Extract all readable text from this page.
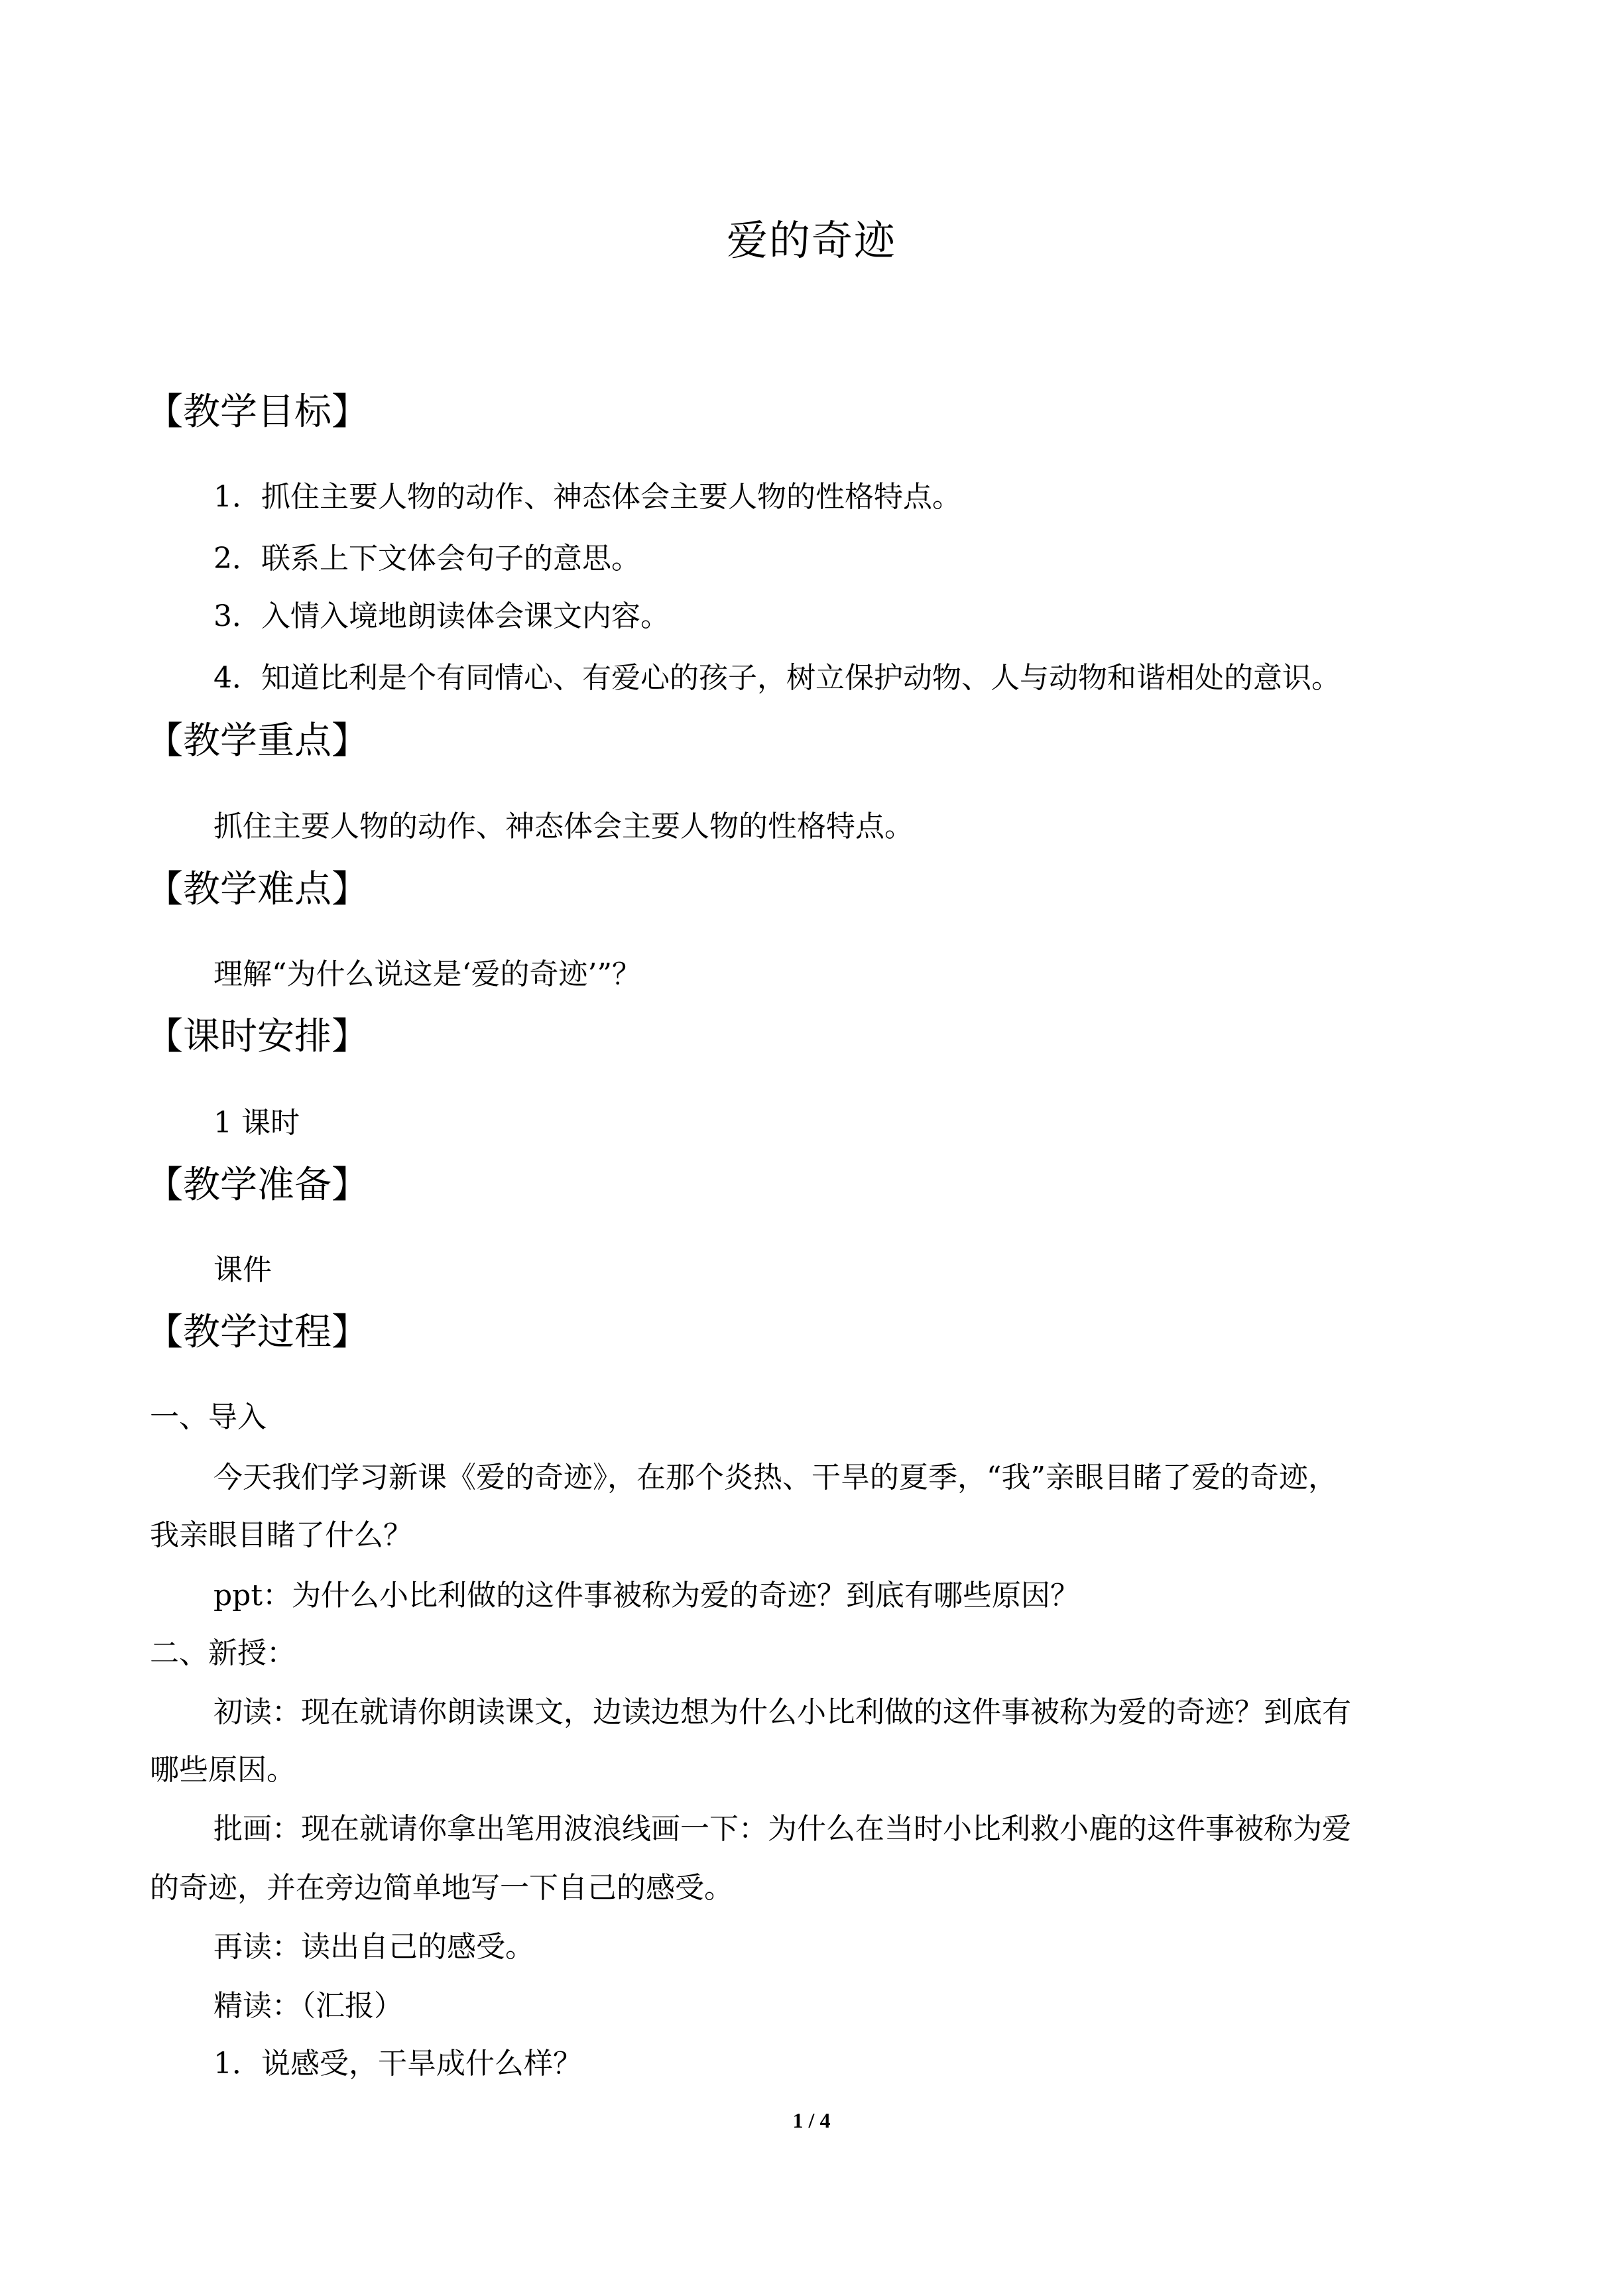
爱的奇迹
【教学目标】
1．抓住主要人物的动作、神态体会主要人物的性格特点。
2．联系上下文体会句子的意思。
3．入情入境地朗读体会课文内容。
4．知道比利是个有同情心、有爱心的孩子，树立保护动物、人与动物和谐相处的意识。
【教学重点】
抓住主要人物的动作、神态体会主要人物的性格特点。
【教学难点】
理解“为什么说这是‘爱的奇迹’”？
【课时安排】
1 课时
【教学准备】
课件
【教学过程】
一、导入
今天我们学习新课《爱的奇迹》，在那个炎热、干旱的夏季，“我”亲眼目睹了爱的奇迹，
我亲眼目睹了什么？
ppt：为什么小比利做的这件事被称为爱的奇迹？到底有哪些原因？
二、新授：
初读：现在就请你朗读课文，边读边想为什么小比利做的这件事被称为爱的奇迹？到底有
哪些原因。
批画：现在就请你拿出笔用波浪线画一下：为什么在当时小比利救小鹿的这件事被称为爱
的奇迹，并在旁边简单地写一下自己的感受。
再读：读出自己的感受。
精读：（汇报）
1．说感受，干旱成什么样？
1 / 4
